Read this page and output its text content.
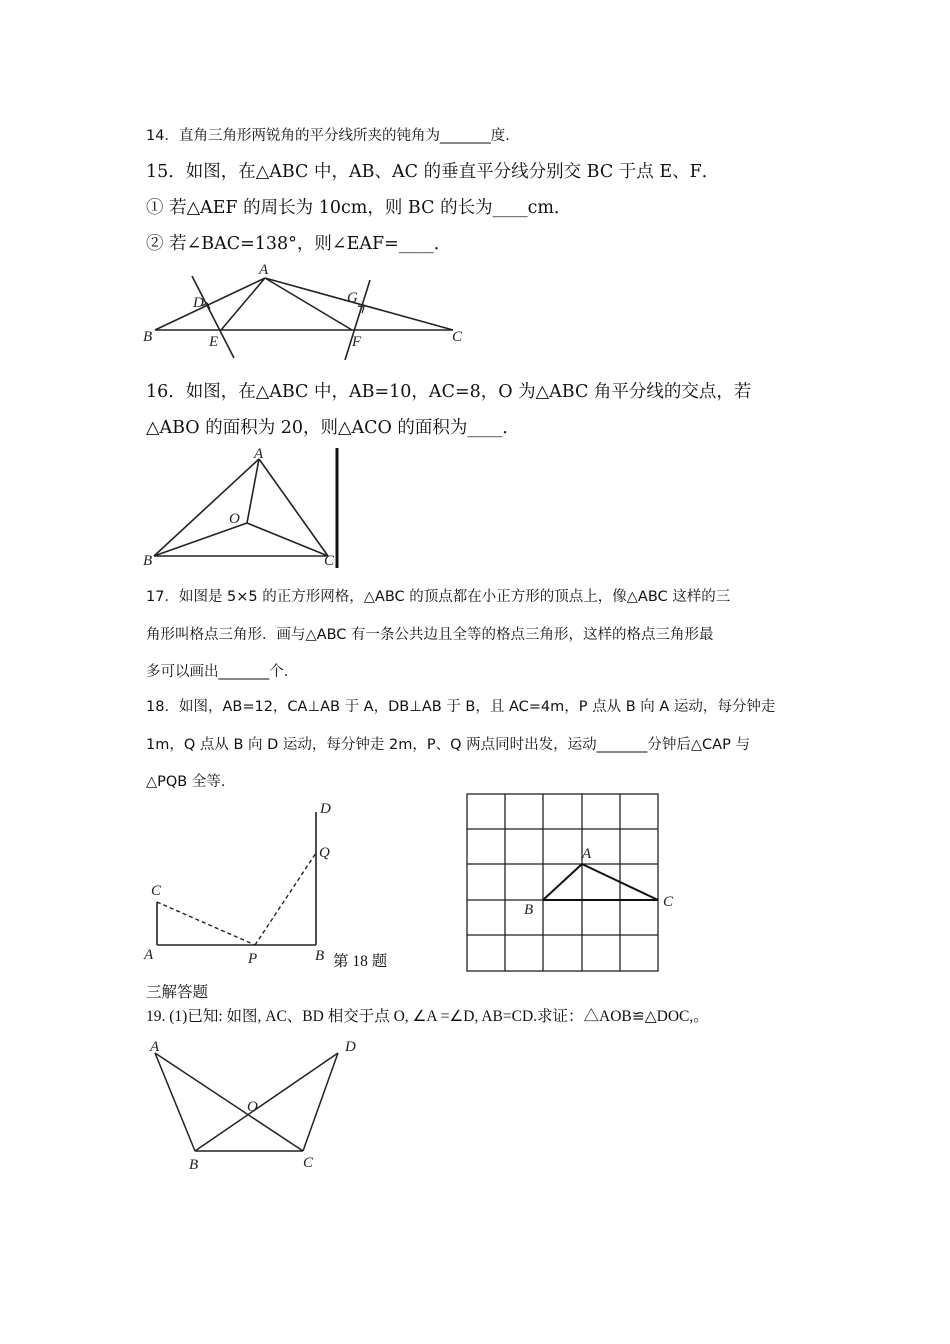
14．直角三角形两锐角的平分线所夹的钝角为_______度．
15．如图，在△ABC 中，AB、AC 的垂直平分线分别交 BC 于点 E、F．
① 若△AEF 的周长为 10cm，则 BC 的长为____cm．
② 若∠BAC=138°，则∠EAF=____．
A
B	C
D
E	F
G
16．如图，在△ABC 中，AB=10，AC=8，O 为△ABC 角平分线的交点，若
△ABO 的面积为 20，则△ACO 的面积为____．
A
B	C
O
17．如图是 5×5 的正方形网格，△ABC 的顶点都在小正方形的顶点上，像△ABC 这样的三
角形叫格点三角形．画与△ABC 有一条公共边且全等的格点三角形，这样的格点三角形最
多可以画出_______个．
18．如图，AB=12，CA⊥AB 于 A，DB⊥AB 于 B，且 AC=4m，P 点从 B 向 A 运动，每分钟走
1m，Q 点从 B 向 D 运动，每分钟走 2m，P、Q 两点同时出发，运动_______分钟后△CAP 与
△PQB 全等．
A	B
C
D
P
Q
第 18 题
A
B	C
三解答题
19. (1)已知: 如图, AC、BD 相交于点 O, ∠A =∠D, AB=CD.求证：△AOB≌△DOC,。
A
B	C
D
O
